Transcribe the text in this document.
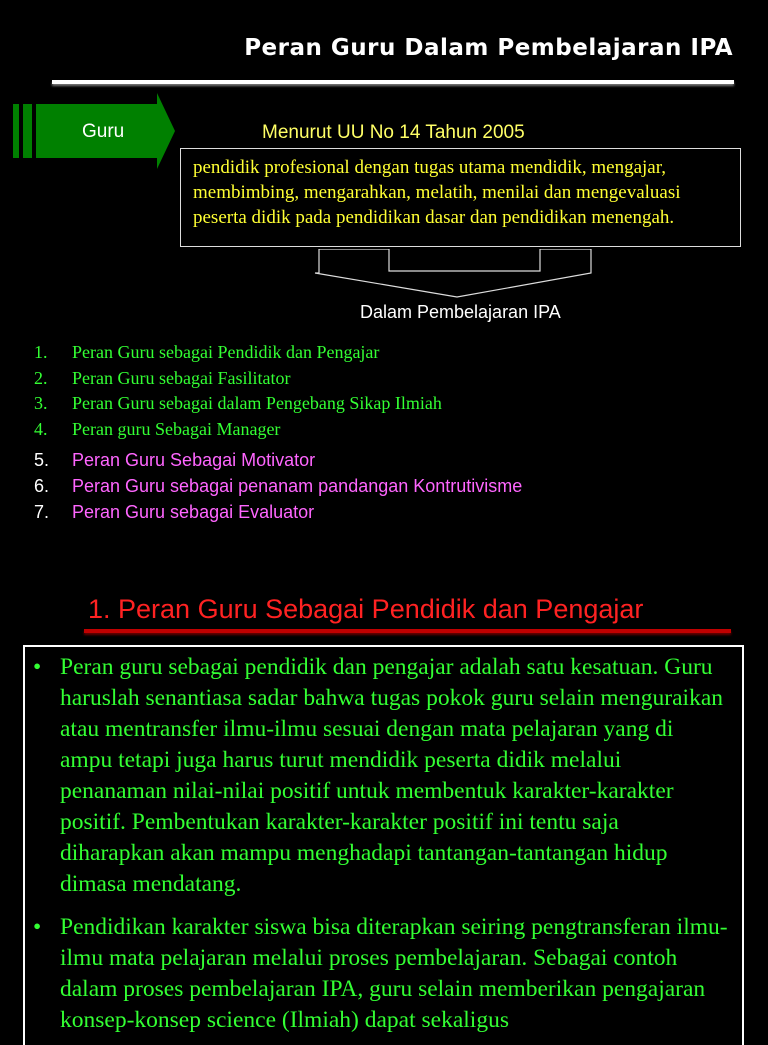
Peran Guru Dalam Pembelajaran IPA
Guru	Menurut UU No 14 Tahun 2005
pendidik profesional dengan tugas utama mendidik, mengajar, membimbing, mengarahkan, melatih, menilai dan mengevaluasi peserta didik pada pendidikan dasar dan pendidikan menengah.
Dalam Pembelajaran IPA
1. Peran Guru sebagai Pendidik dan Pengajar
2. Peran Guru sebagai Fasilitator
3. Peran Guru sebagai dalam Pengebang Sikap Ilmiah
4. Peran guru Sebagai Manager
5. Peran Guru Sebagai Motivator
6. Peran Guru sebagai penanam pandangan Kontrutivisme
7. Peran Guru sebagai Evaluator
1. Peran Guru Sebagai Pendidik dan Pengajar
• Peran guru sebagai pendidik dan pengajar adalah satu kesatuan. Guru haruslah senantiasa sadar bahwa tugas pokok guru selain menguraikan atau mentransfer ilmu-ilmu sesuai dengan mata pelajaran yang di ampu tetapi juga harus turut mendidik peserta didik melalui penanaman nilai-nilai positif untuk membentuk karakter-karakter positif. Pembentukan karakter-karakter positif ini tentu saja diharapkan akan mampu menghadapi tantangan-tantangan hidup dimasa mendatang.
• Pendidikan karakter siswa bisa diterapkan seiring pengtransferan ilmu-ilmu mata pelajaran melalui proses pembelajaran. Sebagai contoh dalam proses pembelajaran IPA, guru selain memberikan pengajaran konsep-konsep science (Ilmiah) dapat sekaligus
